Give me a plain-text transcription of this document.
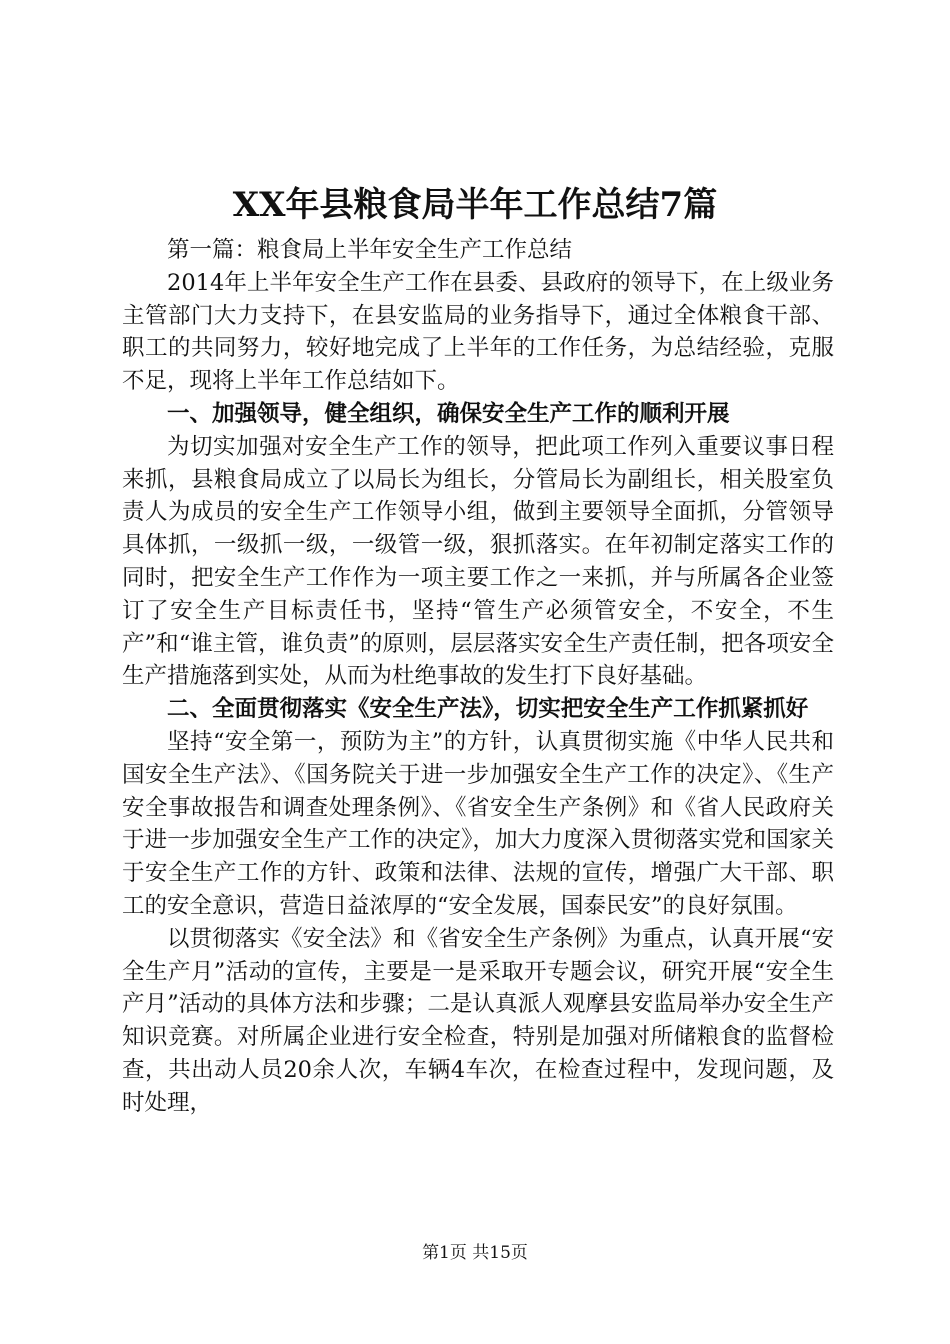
XX年县粮食局半年工作总结7篇

第一篇：粮食局上半年安全生产工作总结

2014年上半年安全生产工作在县委、县政府的领导下，在上级业务主管部门大力支持下，在县安监局的业务指导下，通过全体粮食干部、职工的共同努力，较好地完成了上半年的工作任务，为总结经验，克服不足，现将上半年工作总结如下。

一、加强领导，健全组织，确保安全生产工作的顺利开展

为切实加强对安全生产工作的领导，把此项工作列入重要议事日程来抓，县粮食局成立了以局长为组长，分管局长为副组长，相关股室负责人为成员的安全生产工作领导小组，做到主要领导全面抓，分管领导具体抓，一级抓一级，一级管一级，狠抓落实。在年初制定落实工作的同时，把安全生产工作作为一项主要工作之一来抓，并与所属各企业签订了安全生产目标责任书，坚持“管生产必须管安全，不安全，不生产”和“谁主管，谁负责”的原则，层层落实安全生产责任制，把各项安全生产措施落到实处，从而为杜绝事故的发生打下良好基础。

二、全面贯彻落实《安全生产法》，切实把安全生产工作抓紧抓好

坚持“安全第一，预防为主”的方针，认真贯彻实施《中华人民共和国安全生产法》、《国务院关于进一步加强安全生产工作的决定》、《生产安全事故报告和调查处理条例》、《省安全生产条例》和《省人民政府关于进一步加强安全生产工作的决定》，加大力度深入贯彻落实党和国家关于安全生产工作的方针、政策和法律、法规的宣传，增强广大干部、职工的安全意识，营造日益浓厚的“安全发展，国泰民安”的良好氛围。

以贯彻落实《安全法》和《省安全生产条例》为重点，认真开展“安全生产月”活动的宣传，主要是一是采取开专题会议，研究开展“安全生产月”活动的具体方法和步骤；二是认真派人观摩县安监局举办安全生产知识竞赛。对所属企业进行安全检查，特别是加强对所储粮食的监督检查，共出动人员20余人次，车辆4车次，在检查过程中，发现问题，及时处理，

第1页 共15页
